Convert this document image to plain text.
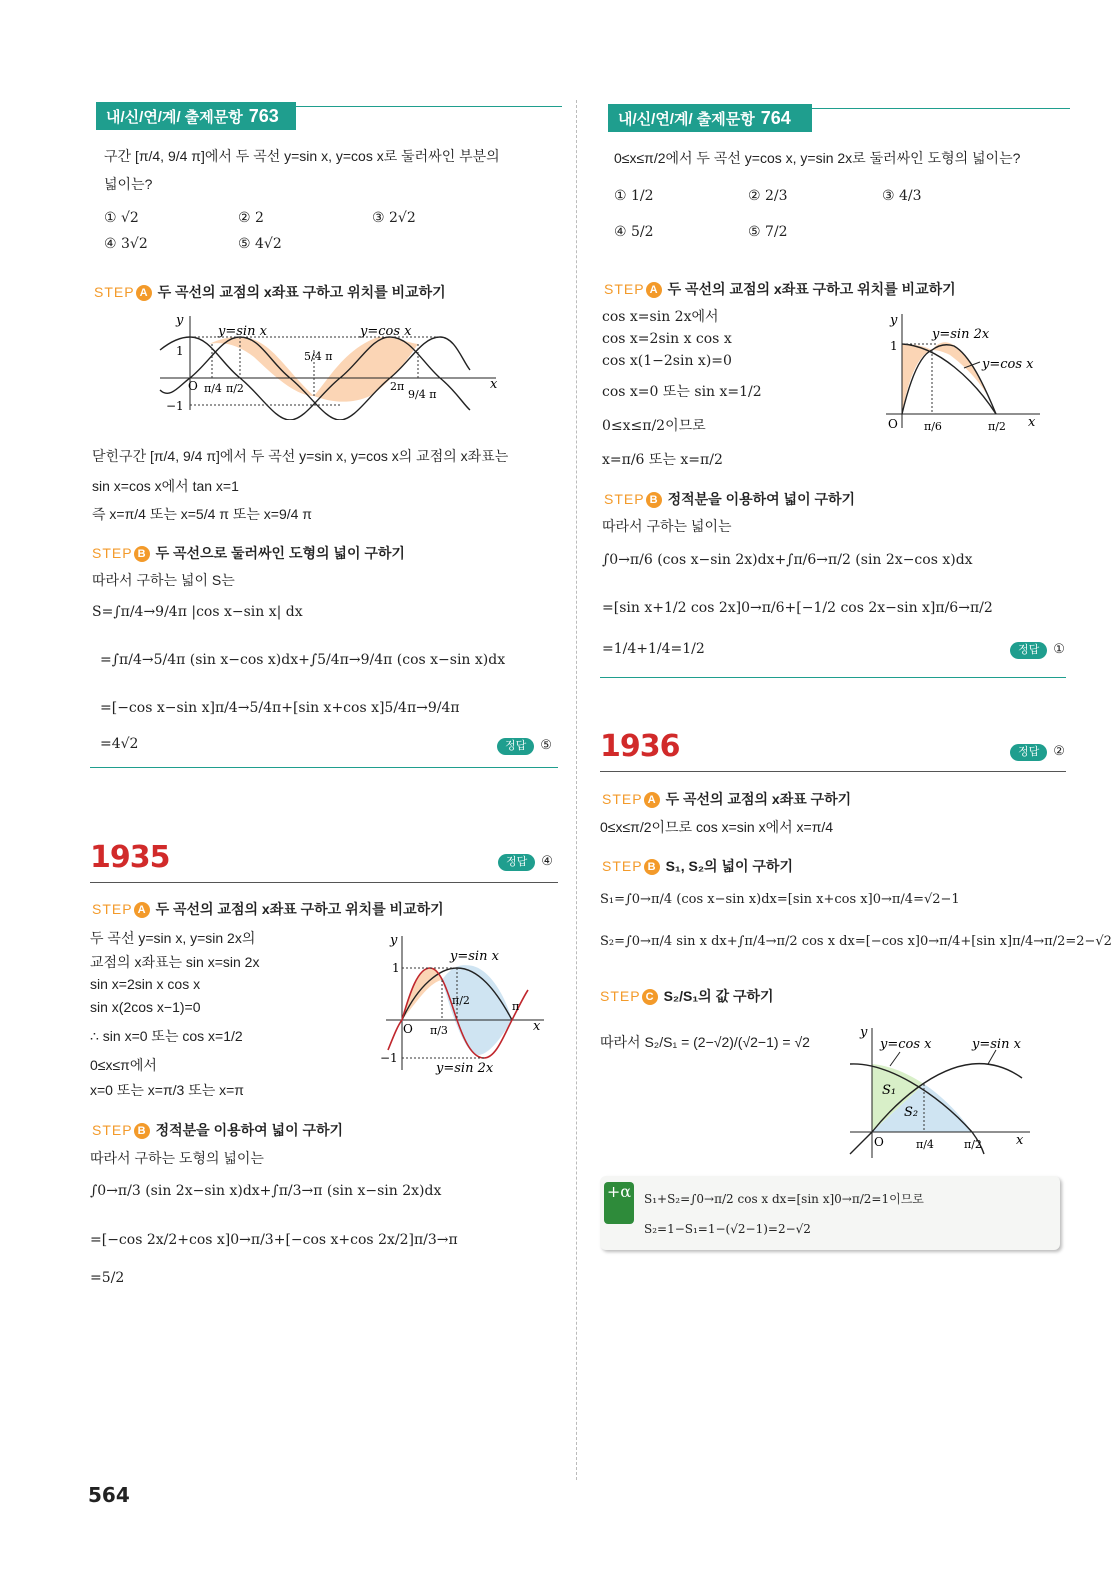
내/신/연/계/ 출제문항 763
구간 [π/4, 9/4 π]에서 두 곡선 y=sin x, y=cos x로 둘러싸인 부분의
넓이는?
① √2	② 2	③ 2√2
④ 3√2	⑤ 4√2
STEP A 두 곡선의 교점의 x좌표 구하고 위치를 비교하기
y
x
O
1
−1
y=sin x	y=cos x
π/4 π/2
5/4 π
2π
9/4 π
닫힌구간 [π/4, 9/4 π]에서 두 곡선 y=sin x, y=cos x의 교점의 x좌표는
sin x=cos x에서 tan x=1
즉 x=π/4 또는 x=5/4 π 또는 x=9/4 π
STEP B 두 곡선으로 둘러싸인 도형의 넓이 구하기
따라서 구하는 넓이 S는
S=∫π/4→9/4π |cos x−sin x| dx
=∫π/4→5/4π (sin x−cos x)dx+∫5/4π→9/4π (cos x−sin x)dx
=[−cos x−sin x]π/4→5/4π+[sin x+cos x]5/4π→9/4π
=4√2	정답 ⑤
1935	정답 ④
STEP A 두 곡선의 교점의 x좌표 구하고 위치를 비교하기
두 곡선 y=sin x, y=sin 2x의
교점의 x좌표는 sin x=sin 2x
sin x=2sin x cos x
sin x(2cos x−1)=0
∴ sin x=0 또는 cos x=1/2
0≤x≤π에서
x=0 또는 x=π/3 또는 x=π
y
x
O
1
−1
y=sin x
y=sin 2x
π/3
π/2	π
STEP B 정적분을 이용하여 넓이 구하기
따라서 구하는 도형의 넓이는
∫0→π/3 (sin 2x−sin x)dx+∫π/3→π (sin x−sin 2x)dx
=[−cos 2x/2+cos x]0→π/3+[−cos x+cos 2x/2]π/3→π
=5/2
564
내/신/연/계/ 출제문항 764
0≤x≤π/2에서 두 곡선 y=cos x, y=sin 2x로 둘러싸인 도형의 넓이는?
① 1/2	② 2/3	③ 4/3
④ 5/2	⑤ 7/2
STEP A 두 곡선의 교점의 x좌표 구하고 위치를 비교하기
cos x=sin 2x에서
cos x=2sin x cos x
cos x(1−2sin x)=0
cos x=0 또는 sin x=1/2
0≤x≤π/2이므로
x=π/6 또는 x=π/2
y
x
O
1
y=sin 2x
y=cos x
π/6	π/2
STEP B 정적분을 이용하여 넓이 구하기
따라서 구하는 넓이는
∫0→π/6 (cos x−sin 2x)dx+∫π/6→π/2 (sin 2x−cos x)dx
=[sin x+1/2 cos 2x]0→π/6+[−1/2 cos 2x−sin x]π/6→π/2
=1/4+1/4=1/2	정답 ①
1936	정답 ②
STEP A 두 곡선의 교점의 x좌표 구하기
0≤x≤π/2이므로 cos x=sin x에서 x=π/4
STEP B S₁, S₂의 넓이 구하기
S₁=∫0→π/4 (cos x−sin x)dx=[sin x+cos x]0→π/4=√2−1
S₂=∫0→π/4 sin x dx+∫π/4→π/2 cos x dx=[−cos x]0→π/4+[sin x]π/4→π/2=2−√2
STEP C S₂/S₁의 값 구하기
따라서 S₂/S₁ = (2−√2)/(√2−1) = √2
y
x
O
y=cos x	y=sin x
S₁
S₂
π/4	π/2
+α S₁+S₂=∫0→π/2 cos x dx=[sin x]0→π/2=1이므로
S₂=1−S₁=1−(√2−1)=2−√2
